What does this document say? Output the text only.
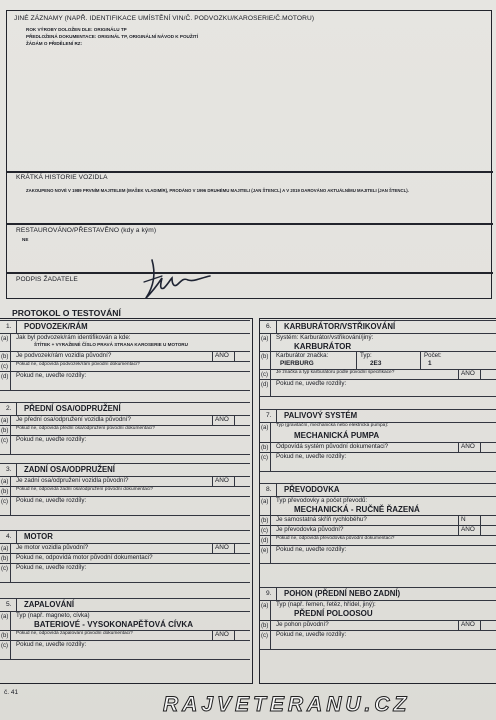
JINÉ ZÁZNAMY (NAPŘ. IDENTIFIKACE UMÍSTĚNÍ VIN/Č. PODVOZKU/KAROSERIE/Č.MOTORU)
ROK VÝROBY DOLOŽEN DLE: ORIGINÁLU TP
PŘEDLOŽENÁ DOKUMENTACE: ORIGINÁL TP, ORIGINÁLNÍ NÁVOD K POUŽITÍ
ŽÁDÁM O PŘIDĚLENÍ RZ:
KRÁTKÁ HISTORIE VOZIDLA
ZAKOUPENO NOVÉ V 1989 PRVNÍM MAJITELEM (MAŠEK VLADIMÍR), PRODÁNO V 1996 DRUHÉMU MAJITELI (JAN ŠTENCL) A V 2019 DAROVÁNO AKTUÁLNÍMU MAJITELI (JAN ŠTENCL).
RESTAUROVÁNO/PŘESTAVĚNO (kdy a kým)
NE
PODPIS ŽADATELE
PROTOKOL O TESTOVÁNÍ
1. PODVOZEK/RÁM
(a) Jak byl podvozek/rám identifikován a kde:
ŠTÍTEK + VYRAŽENÉ ČÍSLO PRAVÁ STRANA KAROSERIE U MOTORU
(b) Je podvozek/rám vozidla původní?	ANO
(c) Pokud ne, odpovídá podvozek/rám původní dokumentaci?
(d) Pokud ne, uveďte rozdíly:
2. PŘEDNÍ OSA/ODPRUŽENÍ
(a) Je přední osa/odpružení vozidla původní?	ANO
(b) Pokud ne, odpovídá přední osa/odpružení původní dokumentaci?
(c) Pokud ne, uveďte rozdíly:
3. ZADNÍ OSA/ODPRUŽENÍ
(a) Je zadní osa/odpružení vozidla původní?	ANO
(b) Pokud ne, odpovídá zadní osa/odpružení původní dokumentaci?
(c) Pokud ne, uveďte rozdíly:
4. MOTOR
(a) Je motor vozidla původní?	ANO
(b) Pokud ne, odpovídá motor původní dokumentaci?
(c) Pokud ne, uveďte rozdíly:
5. ZAPALOVÁNÍ
(a) Typ (např. magneto, cívka)
BATERIOVÉ - VYSOKONAPĚŤOVÁ CÍVKA
(b) Pokud ne, odpovídá zapalování původní dokumentaci?	ANO
(c) Pokud ne, uveďte rozdíly:
6. KARBURÁTOR/VSTŘIKOVÁNÍ
(a) Systém: Karburátor/vstřikování/jiný:
KARBURÁTOR
(b) Karburátor značka:
PIERBURG
Typ:
2E3
Počet:
1
(c) Je značka a typ karburátoru podle původní specifikace?	ANO
(d) Pokud ne, uveďte rozdíly:
7. PALIVOVÝ SYSTÉM
(a) Typ (gravitační, mechanická nebo elektrická pumpa):
MECHANICKÁ PUMPA
(b) Odpovídá systém původní dokumentaci?	ANO
(c) Pokud ne, uveďte rozdíly:
8. PŘEVODOVKA
(a) Typ převodovky a počet převodů:
MECHANICKÁ - RUČNĚ ŘAZENÁ
(b) Je samostatná skříň rychloběhu?	N
(c) Je převodovka původní?	ANO
(d) Pokud ne, odpovídá převodovka původní dokumentaci?
(e) Pokud ne, uveďte rozdíly:
9. POHON (PŘEDNÍ NEBO ZADNÍ)
(a) Typ (např. řemen, řetěz, hřídel, jiný):
PŘEDNÍ POLOOSOU
(b) Je pohon původní?	ANO
(c) Pokud ne, uveďte rozdíly:
č. 41
RAJVETERANU.CZ
